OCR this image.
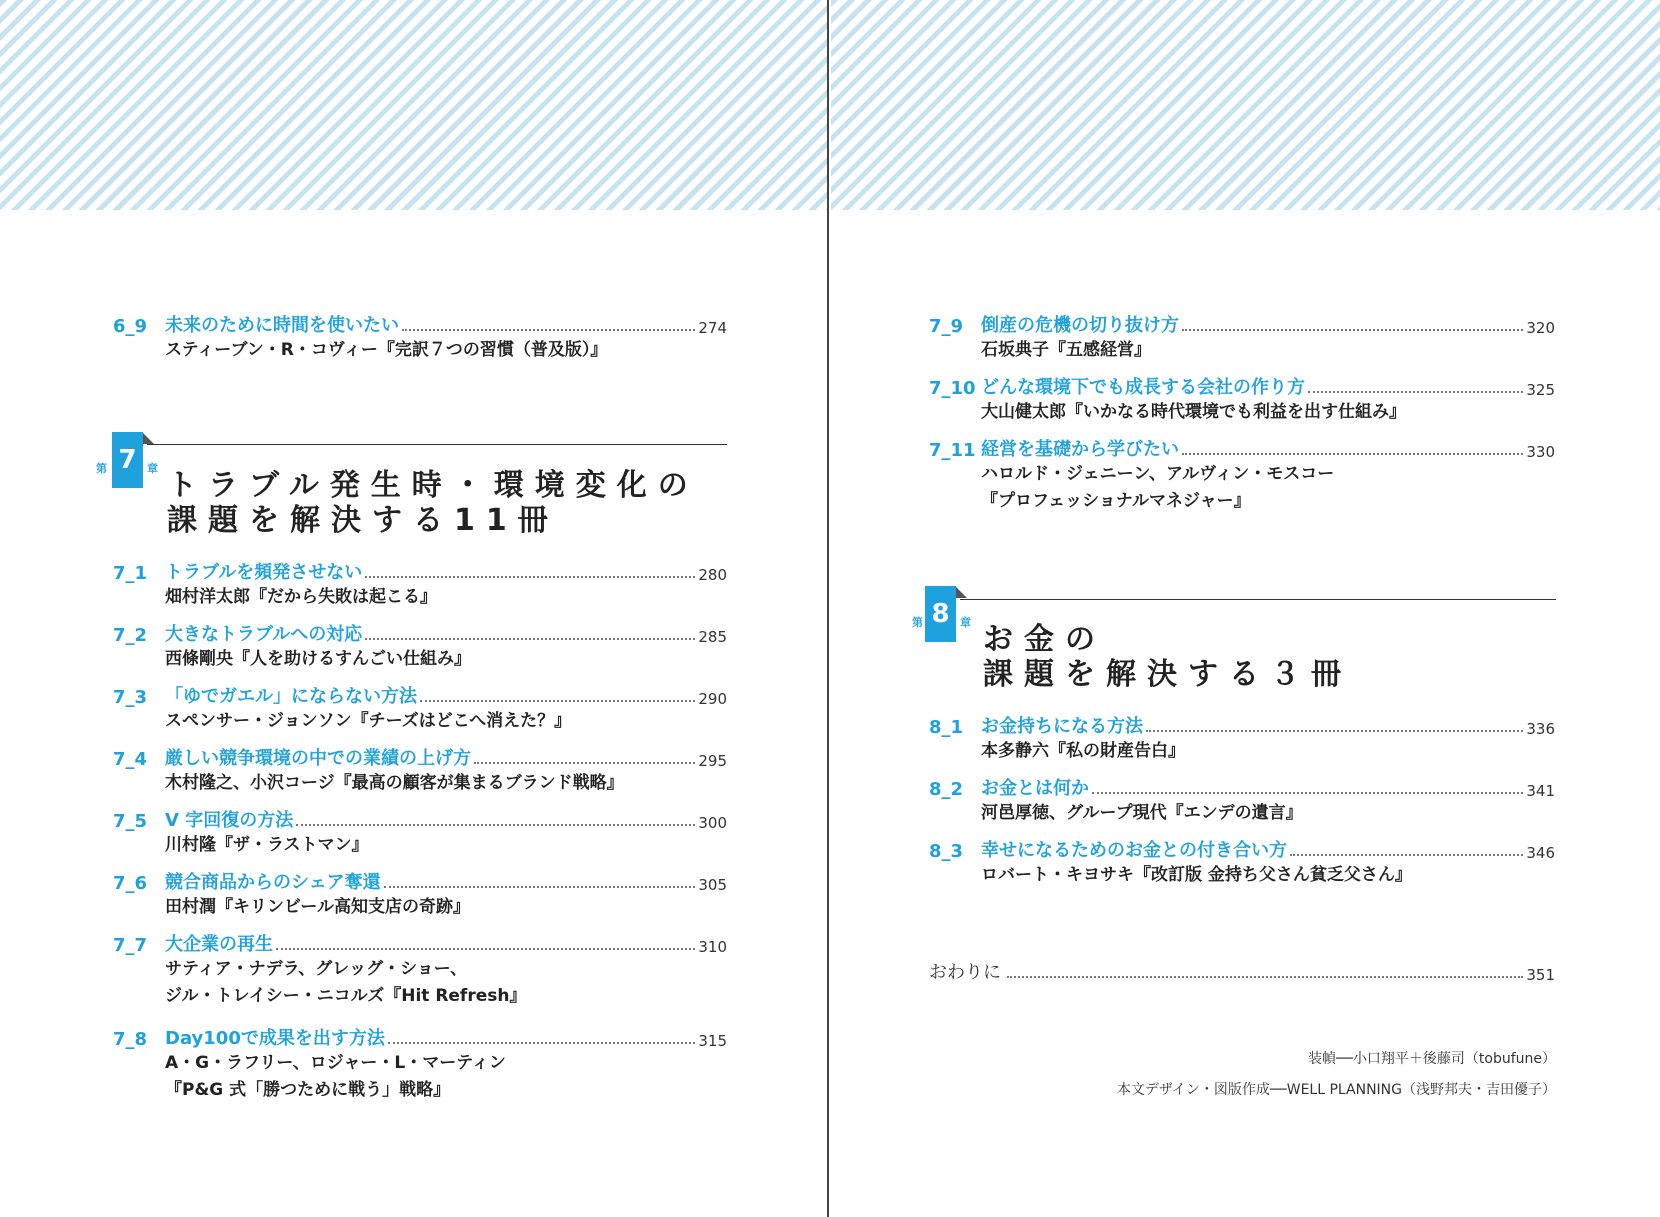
6_9 未来のために時間を使いたい	274
スティーブン・R・コヴィー『完訳７つの習慣（普及版）』
7
第	章 トラブル発生時・環境変化の
課題を解決する11冊
7_1 トラブルを頻発させない	280
畑村洋太郎『だから失敗は起こる』
7_2 大きなトラブルへの対応	285
西條剛央『人を助けるすんごい仕組み』
7_3 「ゆでガエル」にならない方法	290
スペンサー・ジョンソン『チーズはどこへ消えた？』
7_4 厳しい競争環境の中での業績の上げ方	295
木村隆之、小沢コージ『最高の顧客が集まるブランド戦略』
7_5 V 字回復の方法	300
川村隆『ザ・ラストマン』
7_6 競合商品からのシェア奪還	305
田村潤『キリンビール高知支店の奇跡』
7_7 大企業の再生	310
サティア・ナデラ、グレッグ・ショー、
ジル・トレイシー・ニコルズ『Hit Refresh』
7_8 Day100で成果を出す方法	315
A・G・ラフリー、ロジャー・L・マーティン
『P&G 式「勝つために戦う」戦略』
7_9 倒産の危機の切り抜け方	320
石坂典子『五感経営』
7_10 どんな環境下でも成長する会社の作り方	325
大山健太郎『いかなる時代環境でも利益を出す仕組み』
7_11 経営を基礎から学びたい	330
ハロルド・ジェニーン、アルヴィン・モスコー
『プロフェッショナルマネジャー』
8
第	章 お金の
課題を解決する３冊
8_1 お金持ちになる方法	336
本多静六『私の財産告白』
8_2 お金とは何か	341
河邑厚徳、グループ現代『エンデの遺言』
8_3 幸せになるためのお金との付き合い方	346
ロバート・キヨサキ『改訂版 金持ち父さん貧乏父さん』
おわりに	351
装幀──小口翔平＋後藤司（tobufune）
本文デザイン・図版作成──WELL PLANNING（浅野邦夫・吉田優子）
